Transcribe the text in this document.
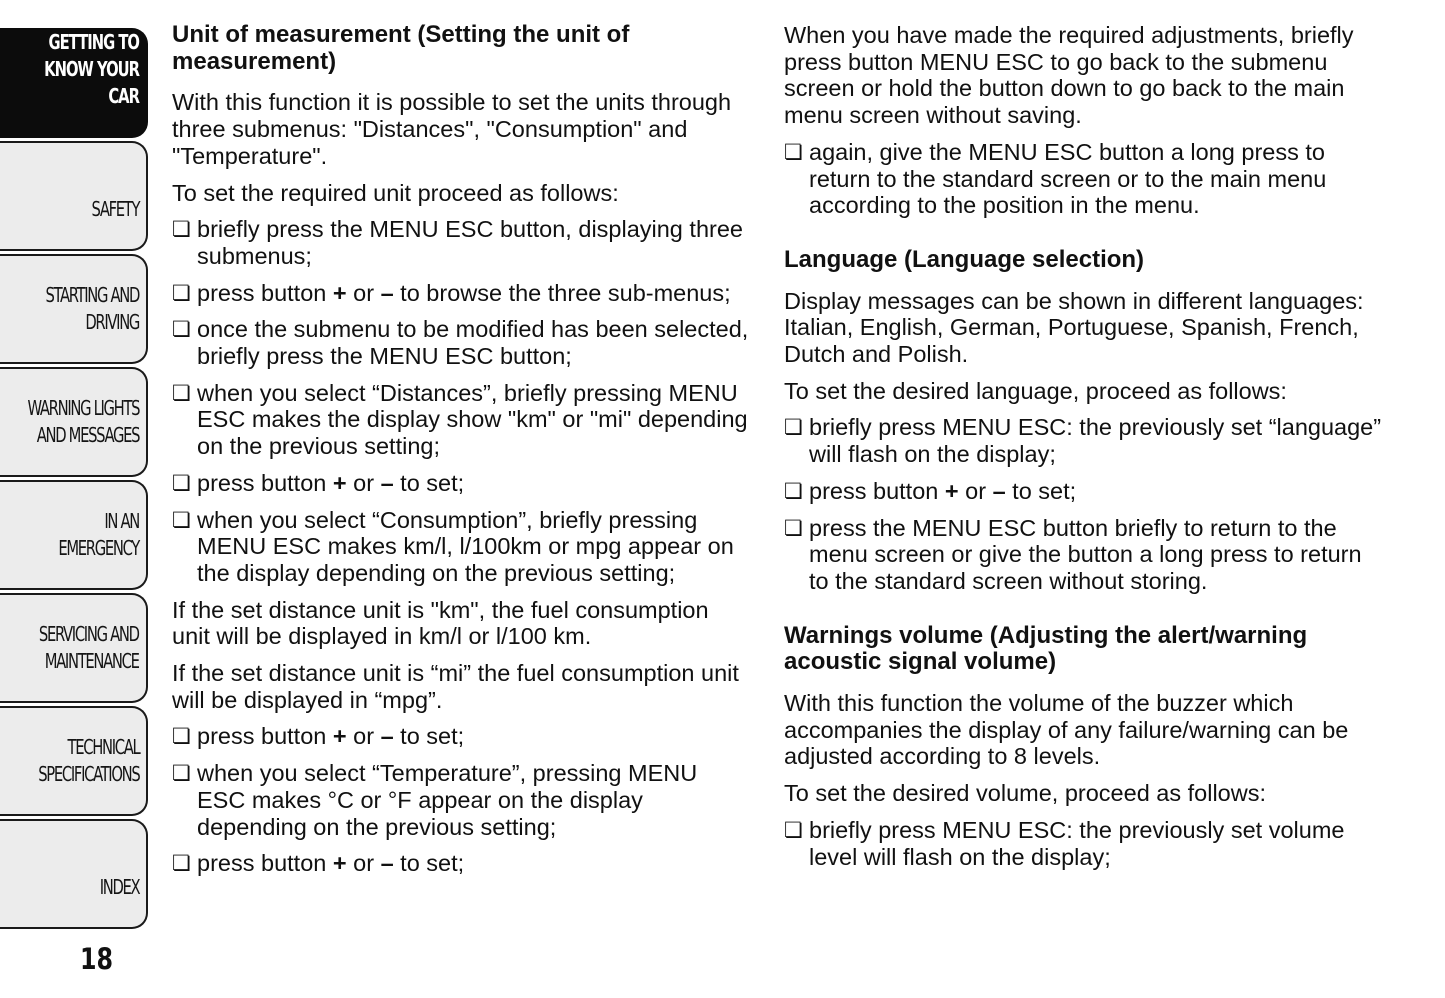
GETTING TO
KNOW YOUR CAR
SAFETY
STARTING AND
DRIVING
WARNING LIGHTS
AND MESSAGES
IN AN EMERGENCY
SERVICING AND
MAINTENANCE
TECHNICAL
SPECIFICATIONS
INDEX
18
Unit of measurement (Setting the unit of measurement)

With this function it is possible to set the units through three submenus: "Distances", "Consumption" and "Temperature".

To set the required unit proceed as follows:

❏ briefly press the MENU ESC button, displaying three submenus;
❏ press button + or – to browse the three sub-menus;
❏ once the submenu to be modified has been selected, briefly press the MENU ESC button;
❏ when you select “Distances”, briefly pressing MENU ESC makes the display show "km" or "mi" depending on the previous setting;
❏ press button + or – to set;
❏ when you select “Consumption”, briefly pressing MENU ESC makes km/l, l/100km or mpg appear on the display depending on the previous setting;

If the set distance unit is "km", the fuel consumption unit will be displayed in km/l or l/100 km.

If the set distance unit is “mi” the fuel consumption unit will be displayed in “mpg”.

❏ press button + or – to set;
❏ when you select “Temperature”, pressing MENU ESC makes °C or °F appear on the display depending on the previous setting;
❏ press button + or – to set;

When you have made the required adjustments, briefly press button MENU ESC to go back to the submenu screen or hold the button down to go back to the main menu screen without saving.

❏ again, give the MENU ESC button a long press to return to the standard screen or to the main menu according to the position in the menu.
Language (Language selection)

Display messages can be shown in different languages: Italian, English, German, Portuguese, Spanish, French, Dutch and Polish.

To set the desired language, proceed as follows:

❏ briefly press MENU ESC: the previously set “language” will flash on the display;
❏ press button + or – to set;
❏ press the MENU ESC button briefly to return to the menu screen or give the button a long press to return to the standard screen without storing.
Warnings volume (Adjusting the alert/warning acoustic signal volume)

With this function the volume of the buzzer which accompanies the display of any failure/warning can be adjusted according to 8 levels.

To set the desired volume, proceed as follows:

❏ briefly press MENU ESC: the previously set volume level will flash on the display;
